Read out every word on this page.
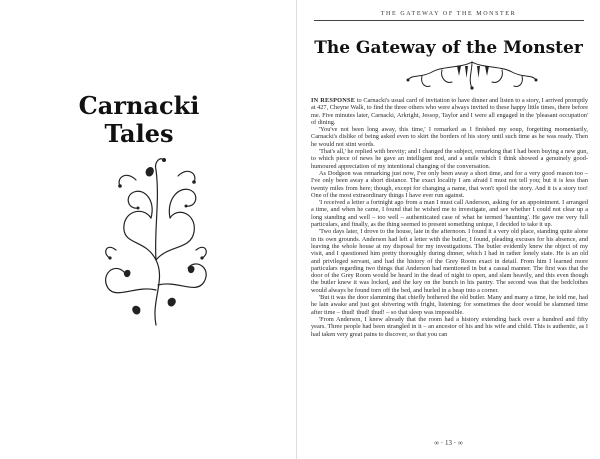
Carnacki
Tales
THE GATEWAY OF THE MONSTER
The Gateway of the Monster

IN RESPONSE to Carnacki's usual card of invitation to have dinner and listen to a story, I arrived promptly at 427, Cheyne Walk, to find the three others who were always invited to these happy little times, there before me. Five minutes later, Carnacki, Arkright, Jessop, Taylor and I were all engaged in the 'pleasant occupation' of dining.

'You've not been long away, this time,' I remarked as I finished my soup, forgetting momentarily, Carnacki's dislike of being asked even to skirt the borders of his story until such time as he was ready. Then he would not stint words.

'That's all,' he replied with brevity; and I changed the subject, remarking that I had been buying a new gun, to which piece of news he gave an intelligent nod, and a smile which I think showed a genuinely good-humoured appreciation of my intentional changing of the conversation.

As Dodgson was remarking just now, I've only been away a short time, and for a very good reason too – I've only been away a short distance. The exact locality I am afraid I must not tell you; but it is less than twenty miles from here; though, except for changing a name, that won't spoil the story. And it is a story too! One of the most extraordinary things I have ever run against.

'I received a letter a fortnight ago from a man I must call Anderson, asking for an appointment. I arranged a time, and when he came, I found that he wished me to investigate, and see whether I could not clear up a long standing and well – too well – authenticated case of what he termed 'haunting'. He gave me very full particulars, and finally, as the thing seemed to present something unique, I decided to take it up.

'Two days later, I drove to the house, late in the afternoon. I found it a very old place, standing quite alone in its own grounds. Anderson had left a letter with the butler, I found, pleading excuses for his absence, and leaving the whole house at my disposal for my investigations. The butler evidently knew the object of my visit, and I questioned him pretty thoroughly during dinner, which I had in rather lonely state. He is an old and privileged servant, and had the history of the Grey Room exact in detail. From him I learned more particulars regarding two things that Anderson had mentioned in but a casual manner. The first was that the door of the Grey Room would be heard in the dead of night to open, and slam heavily, and this even though the butler knew it was locked, and the key on the bunch in his pantry. The second was that the bedclothes would always be found torn off the bed, and hurled in a heap into a corner.

'But it was the door slamming that chiefly bothered the old butler. Many and many a time, he told me, had he lain awake and just got shivering with fright, listening; for sometimes the door would be slammed time after time – thud! thud! thud! – so that sleep was impossible.

'From Anderson, I knew already that the room had a history extending back over a hundred and fifty years. Three people had been strangled in it – an ancestor of his and his wife and child. This is authentic, as I had taken very great pains to discover, so that you can

∞ · 13 · ∞
